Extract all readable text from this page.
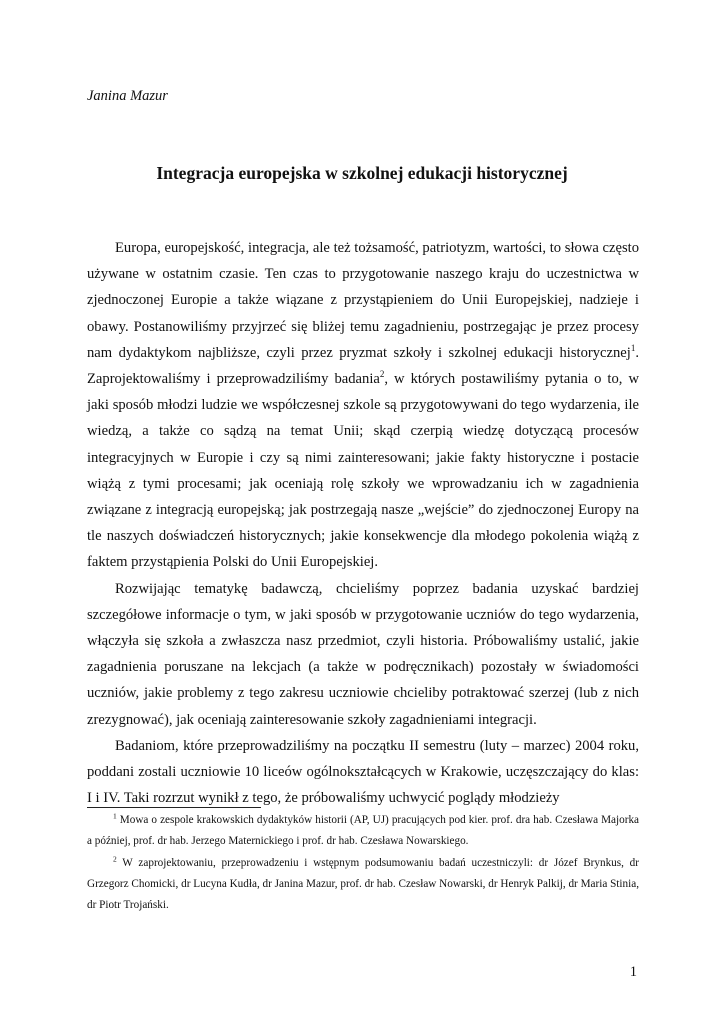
Janina Mazur
Integracja europejska w szkolnej edukacji historycznej

Europa, europejskość, integracja, ale też tożsamość, patriotyzm, wartości, to słowa często używane w ostatnim czasie. Ten czas to przygotowanie naszego kraju do uczestnictwa w zjednoczonej Europie a także wiązane z przystąpieniem do Unii Europejskiej, nadzieje i obawy. Postanowiliśmy przyjrzeć się bliżej temu zagadnieniu, postrzegając je przez procesy nam dydaktykom najbliższe, czyli przez pryzmat szkoły i szkolnej edukacji historycznej$^1$. Zaprojektowaliśmy i przeprowadziliśmy badania$^2$, w których postawiliśmy pytania o to, w jaki sposób młodzi ludzie we współczesnej szkole są przygotowywani do tego wydarzenia, ile wiedzą, a także co sądzą na temat Unii; skąd czerpią wiedzę dotyczącą procesów integracyjnych w Europie i czy są nimi zainteresowani; jakie fakty historyczne i postacie wiążą z tymi procesami; jak oceniają rolę szkoły we wprowadzaniu ich w zagadnienia związane z integracją europejską; jak postrzegają nasze „wejście” do zjednoczonej Europy na tle naszych doświadczeń historycznych; jakie konsekwencje dla młodego pokolenia wiążą z faktem przystąpienia Polski do Unii Europejskiej.

Rozwijając tematykę badawczą, chcieliśmy poprzez badania uzyskać bardziej szczegółowe informacje o tym, w jaki sposób w przygotowanie uczniów do tego wydarzenia, włączyła się szkoła a zwłaszcza nasz przedmiot, czyli historia. Próbowaliśmy ustalić, jakie zagadnienia poruszane na lekcjach (a także w podręcznikach) pozostały w świadomości uczniów, jakie problemy z tego zakresu uczniowie chcieliby potraktować szerzej (lub z nich zrezygnować), jak oceniają zainteresowanie szkoły zagadnieniami integracji.

Badaniom, które przeprowadziliśmy na początku II semestru (luty – marzec) 2004 roku, poddani zostali uczniowie 10 liceów ogólnokształcących w Krakowie, uczęszczający do klas: I i IV. Taki rozrzut wynikł z tego, że próbowaliśmy uchwycić poglądy młodzieży

$^1$ Mowa o zespole krakowskich dydaktyków historii (AP, UJ) pracujących pod kier. prof. dra hab. Czesława Majorka a później, prof. dr hab. Jerzego Maternickiego i prof. dr hab. Czesława Nowarskiego.

$^2$ W zaprojektowaniu, przeprowadzeniu i wstępnym podsumowaniu badań uczestniczyli: dr Józef Brynkus, dr Grzegorz Chomicki, dr Lucyna Kudła, dr Janina Mazur, prof. dr hab. Czesław Nowarski, dr Henryk Palkij, dr Maria Stinia, dr Piotr Trojański.

1
